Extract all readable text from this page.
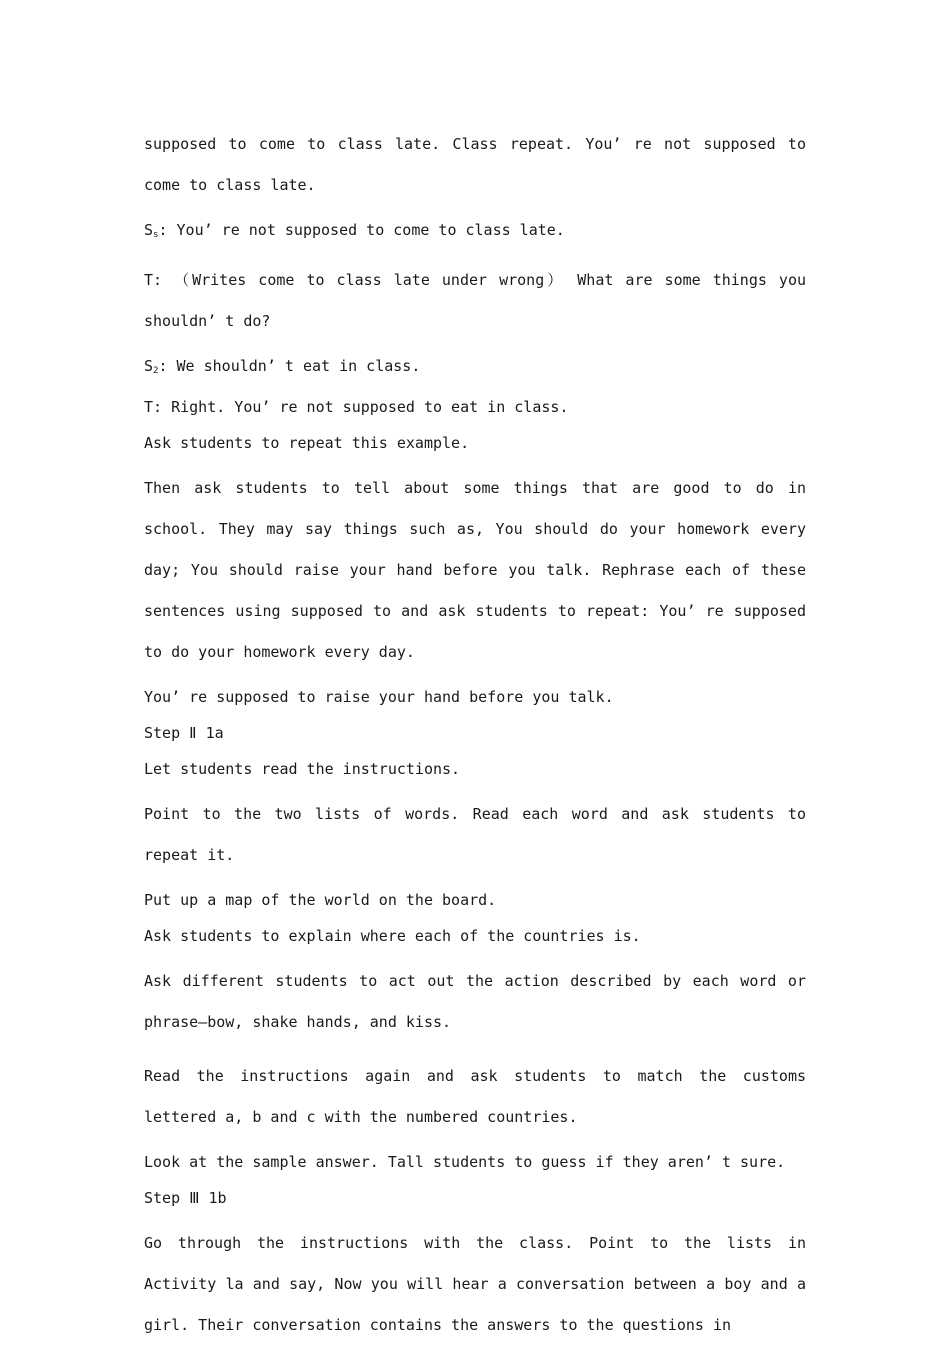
supposed to come to class late. Class repeat. You’ re not supposed to come to class late.

$S_s$: You’ re not supposed to come to class late.

T: （Writes come to class late under wrong） What are some things you shouldn’ t do?

$S_2$: We shouldn’ t eat in class.

T: Right. You’ re not supposed to eat in class.

Ask students to repeat this example.

Then ask students to tell about some things that are good to do in school. They may say things such as, You should do your homework every day; You should raise your hand before you talk. Rephrase each of these sentences using supposed to and ask students to repeat: You’ re supposed to do your homework every day.

You’ re supposed to raise your hand before you talk.

Step Ⅱ 1a

Let students read the instructions.

Point to the two lists of words. Read each word and ask students to repeat it.

Put up a map of the world on the board.

Ask students to explain where each of the countries is.

Ask different students to act out the action described by each word or phrase—bow, shake hands, and kiss.

Read the instructions again and ask students to match the customs lettered a, b and c with the numbered countries.

Look at the sample answer. Tall students to guess if they aren’ t sure.

Step Ⅲ 1b

Go through the instructions with the class. Point to the lists in Activity la and say, Now you will hear a conversation between a boy and a girl. Their conversation contains the answers to the questions in
